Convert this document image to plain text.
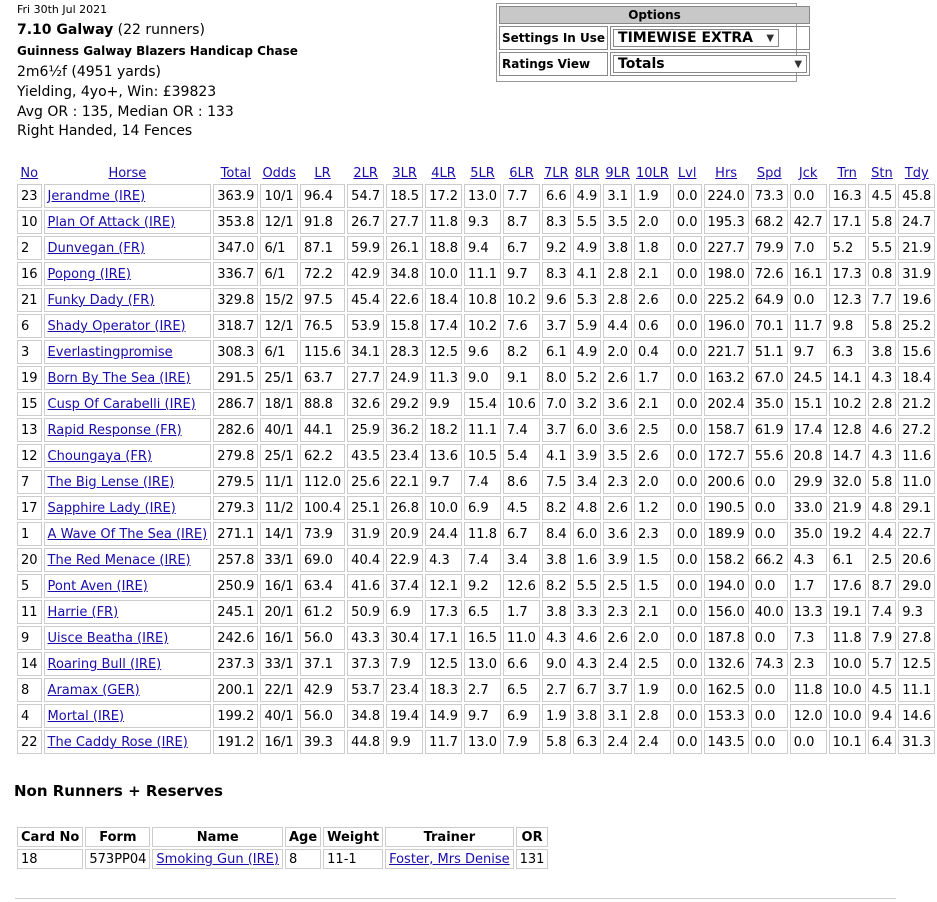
Fri 30th Jul 2021
7.10 Galway (22 runners)
Guinness Galway Blazers Handicap Chase
2m6½f (4951 yards)
Yielding, 4yo+, Win: £39823
Avg OR : 135, Median OR : 133
Right Handed, 14 Fences
Options	
Settings In Use	TIMEWISE EXTRA ▼

Ratings View	Totals ▼
No	Horse	Total	Odds	LR	2LR	3LR	4LR	5LR	6LR	7LR	8LR	9LR	10LR	Lvl	Hrs	Spd	Jck	Trn	Stn	Tdy
23	Jerandme (IRE)	363.9	10/1	96.4	54.7	18.5	17.2	13.0	7.7	6.6	4.9	3.1	1.9	0.0	224.0	73.3	0.0	16.3	4.5	45.8
10	Plan Of Attack (IRE)	353.8	12/1	91.8	26.7	27.7	11.8	9.3	8.7	8.3	5.5	3.5	2.0	0.0	195.3	68.2	42.7	17.1	5.8	24.7
2	Dunvegan (FR)	347.0	6/1	87.1	59.9	26.1	18.8	9.4	6.7	9.2	4.9	3.8	1.8	0.0	227.7	79.9	7.0	5.2	5.5	21.9
16	Popong (IRE)	336.7	6/1	72.2	42.9	34.8	10.0	11.1	9.7	8.3	4.1	2.8	2.1	0.0	198.0	72.6	16.1	17.3	0.8	31.9
21	Funky Dady (FR)	329.8	15/2	97.5	45.4	22.6	18.4	10.8	10.2	9.6	5.3	2.8	2.6	0.0	225.2	64.9	0.0	12.3	7.7	19.6
6	Shady Operator (IRE)	318.7	12/1	76.5	53.9	15.8	17.4	10.2	7.6	3.7	5.9	4.4	0.6	0.0	196.0	70.1	11.7	9.8	5.8	25.2
3	Everlastingpromise	308.3	6/1	115.6	34.1	28.3	12.5	9.6	8.2	6.1	4.9	2.0	0.4	0.0	221.7	51.1	9.7	6.3	3.8	15.6
19	Born By The Sea (IRE)	291.5	25/1	63.7	27.7	24.9	11.3	9.0	9.1	8.0	5.2	2.6	1.7	0.0	163.2	67.0	24.5	14.1	4.3	18.4
15	Cusp Of Carabelli (IRE)	286.7	18/1	88.8	32.6	29.2	9.9	15.4	10.6	7.0	3.2	3.6	2.1	0.0	202.4	35.0	15.1	10.2	2.8	21.2
13	Rapid Response (FR)	282.6	40/1	44.1	25.9	36.2	18.2	11.1	7.4	3.7	6.0	3.6	2.5	0.0	158.7	61.9	17.4	12.8	4.6	27.2
12	Choungaya (FR)	279.8	25/1	62.2	43.5	23.4	13.6	10.5	5.4	4.1	3.9	3.5	2.6	0.0	172.7	55.6	20.8	14.7	4.3	11.6
7	The Big Lense (IRE)	279.5	11/1	112.0	25.6	22.1	9.7	7.4	8.6	7.5	3.4	2.3	2.0	0.0	200.6	0.0	29.9	32.0	5.8	11.0
17	Sapphire Lady (IRE)	279.3	11/2	100.4	25.1	26.8	10.0	6.9	4.5	8.2	4.8	2.6	1.2	0.0	190.5	0.0	33.0	21.9	4.8	29.1
1	A Wave Of The Sea (IRE)	271.1	14/1	73.9	31.9	20.9	24.4	11.8	6.7	8.4	6.0	3.6	2.3	0.0	189.9	0.0	35.0	19.2	4.4	22.7
20	The Red Menace (IRE)	257.8	33/1	69.0	40.4	22.9	4.3	7.4	3.4	3.8	1.6	3.9	1.5	0.0	158.2	66.2	4.3	6.1	2.5	20.6
5	Pont Aven (IRE)	250.9	16/1	63.4	41.6	37.4	12.1	9.2	12.6	8.2	5.5	2.5	1.5	0.0	194.0	0.0	1.7	17.6	8.7	29.0
11	Harrie (FR)	245.1	20/1	61.2	50.9	6.9	17.3	6.5	1.7	3.8	3.3	2.3	2.1	0.0	156.0	40.0	13.3	19.1	7.4	9.3
9	Uisce Beatha (IRE)	242.6	16/1	56.0	43.3	30.4	17.1	16.5	11.0	4.3	4.6	2.6	2.0	0.0	187.8	0.0	7.3	11.8	7.9	27.8
14	Roaring Bull (IRE)	237.3	33/1	37.1	37.3	7.9	12.5	13.0	6.6	9.0	4.3	2.4	2.5	0.0	132.6	74.3	2.3	10.0	5.7	12.5
8	Aramax (GER)	200.1	22/1	42.9	53.7	23.4	18.3	2.7	6.5	2.7	6.7	3.7	1.9	0.0	162.5	0.0	11.8	10.0	4.5	11.1
4	Mortal (IRE)	199.2	40/1	56.0	34.8	19.4	14.9	9.7	6.9	1.9	3.8	3.1	2.8	0.0	153.3	0.0	12.0	10.0	9.4	14.6
22	The Caddy Rose (IRE)	191.2	16/1	39.3	44.8	9.9	11.7	13.0	7.9	5.8	6.3	2.4	2.4	0.0	143.5	0.0	0.0	10.1	6.4	31.3
Non Runners + Reserves
Card No	Form	Name	Age	Weight	Trainer	OR
18	573PP04	Smoking Gun (IRE)	8	11-1	Foster, Mrs Denise	131
